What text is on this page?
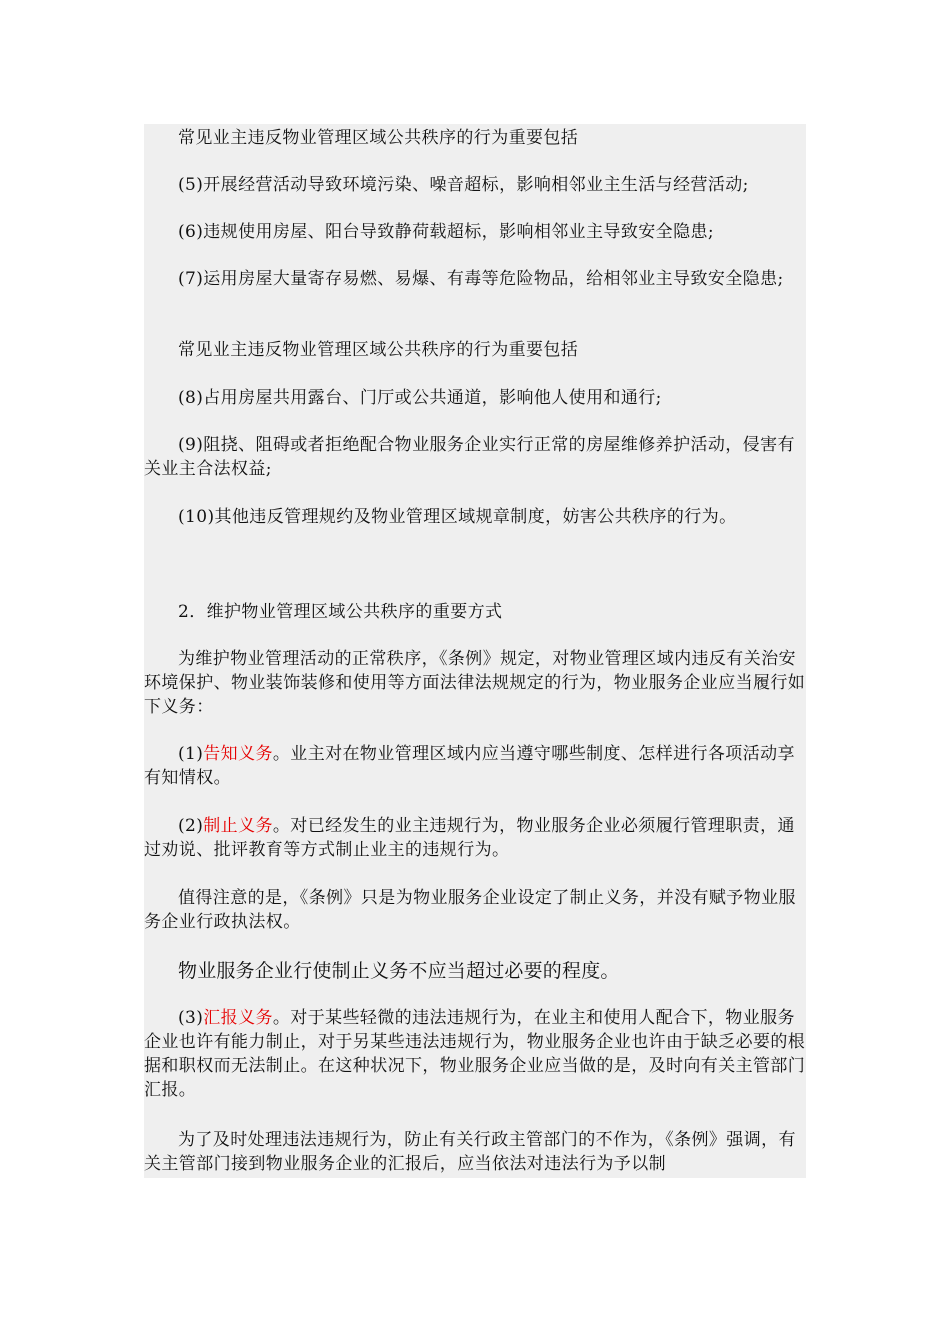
常见业主违反物业管理区域公共秩序的行为重要包括

(5)开展经营活动导致环境污染、噪音超标，影响相邻业主生活与经营活动;

(6)违规使用房屋、阳台导致静荷载超标，影响相邻业主导致安全隐患;

(7)运用房屋大量寄存易燃、易爆、有毒等危险物品，给相邻业主导致安全隐患;

常见业主违反物业管理区域公共秩序的行为重要包括

(8)占用房屋共用露台、门厅或公共通道，影响他人使用和通行;

(9)阻挠、阻碍或者拒绝配合物业服务企业实行正常的房屋维修养护活动，侵害有关业主合法权益;

(10)其他违反管理规约及物业管理区域规章制度，妨害公共秩序的行为。

2．维护物业管理区域公共秩序的重要方式

为维护物业管理活动的正常秩序，《条例》规定，对物业管理区域内违反有关治安环境保护、物业装饰装修和使用等方面法律法规规定的行为，物业服务企业应当履行如下义务：

(1)告知义务。业主对在物业管理区域内应当遵守哪些制度、怎样进行各项活动享有知情权。

(2)制止义务。对已经发生的业主违规行为，物业服务企业必须履行管理职责，通过劝说、批评教育等方式制止业主的违规行为。

值得注意的是，《条例》只是为物业服务企业设定了制止义务，并没有赋予物业服务企业行政执法权。

物业服务企业行使制止义务不应当超过必要的程度。

(3)汇报义务。对于某些轻微的违法违规行为，在业主和使用人配合下，物业服务企业也许有能力制止，对于另某些违法违规行为，物业服务企业也许由于缺乏必要的根据和职权而无法制止。在这种状况下，物业服务企业应当做的是，及时向有关主管部门汇报。

为了及时处理违法违规行为，防止有关行政主管部门的不作为，《条例》强调，有关主管部门接到物业服务企业的汇报后，应当依法对违法行为予以制
